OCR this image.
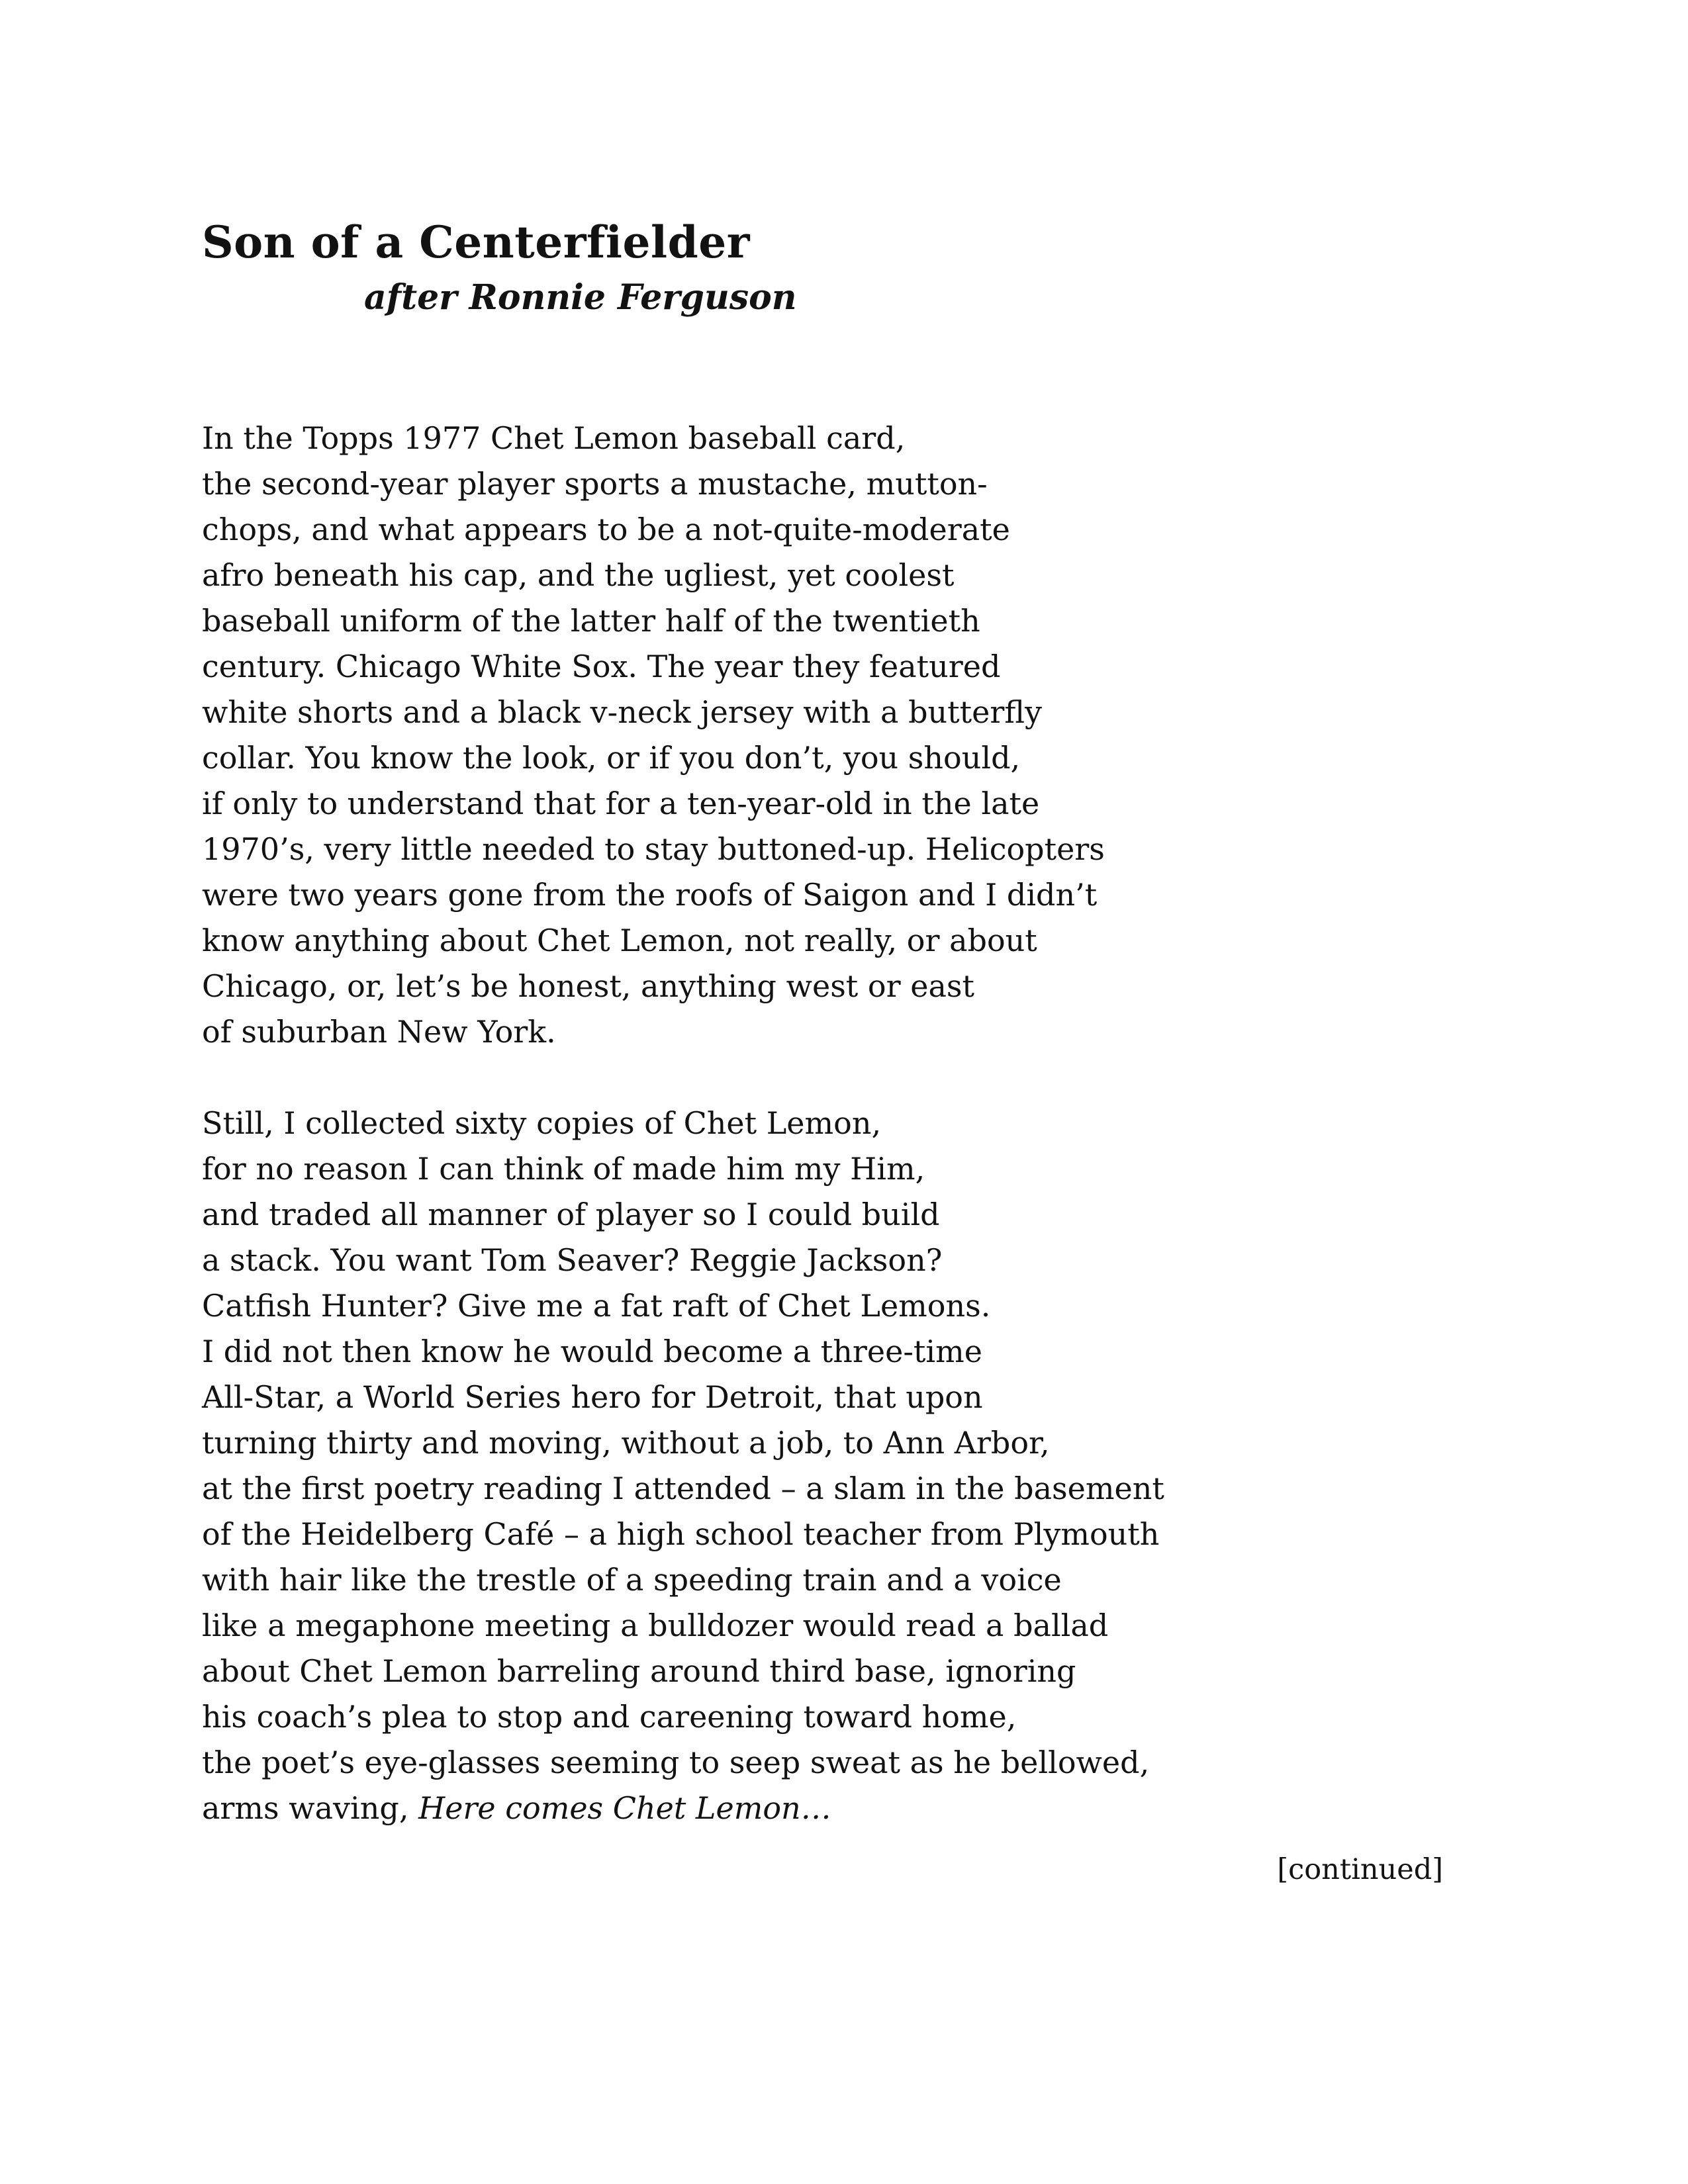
Son of a Centerfielder
after Ronnie Ferguson

In the Topps 1977 Chet Lemon baseball card,

the second-year player sports a mustache, mutton-

chops, and what appears to be a not-quite-moderate

afro beneath his cap, and the ugliest, yet coolest

baseball uniform of the latter half of the twentieth

century. Chicago White Sox. The year they featured

white shorts and a black v-neck jersey with a butterfly

collar. You know the look, or if you don’t, you should,

if only to understand that for a ten-year-old in the late

1970’s, very little needed to stay buttoned-up. Helicopters

were two years gone from the roofs of Saigon and I didn’t

know anything about Chet Lemon, not really, or about

Chicago, or, let’s be honest, anything west or east

of suburban New York.

Still, I collected sixty copies of Chet Lemon,

for no reason I can think of made him my Him,

and traded all manner of player so I could build

a stack. You want Tom Seaver? Reggie Jackson?

Catfish Hunter? Give me a fat raft of Chet Lemons.

I did not then know he would become a three-time

All-Star, a World Series hero for Detroit, that upon

turning thirty and moving, without a job, to Ann Arbor,

at the first poetry reading I attended – a slam in the basement

of the Heidelberg Café – a high school teacher from Plymouth

with hair like the trestle of a speeding train and a voice

like a megaphone meeting a bulldozer would read a ballad

about Chet Lemon barreling around third base, ignoring

his coach’s plea to stop and careening toward home,

the poet’s eye-glasses seeming to seep sweat as he bellowed,

arms waving, Here comes Chet Lemon…

[continued]
